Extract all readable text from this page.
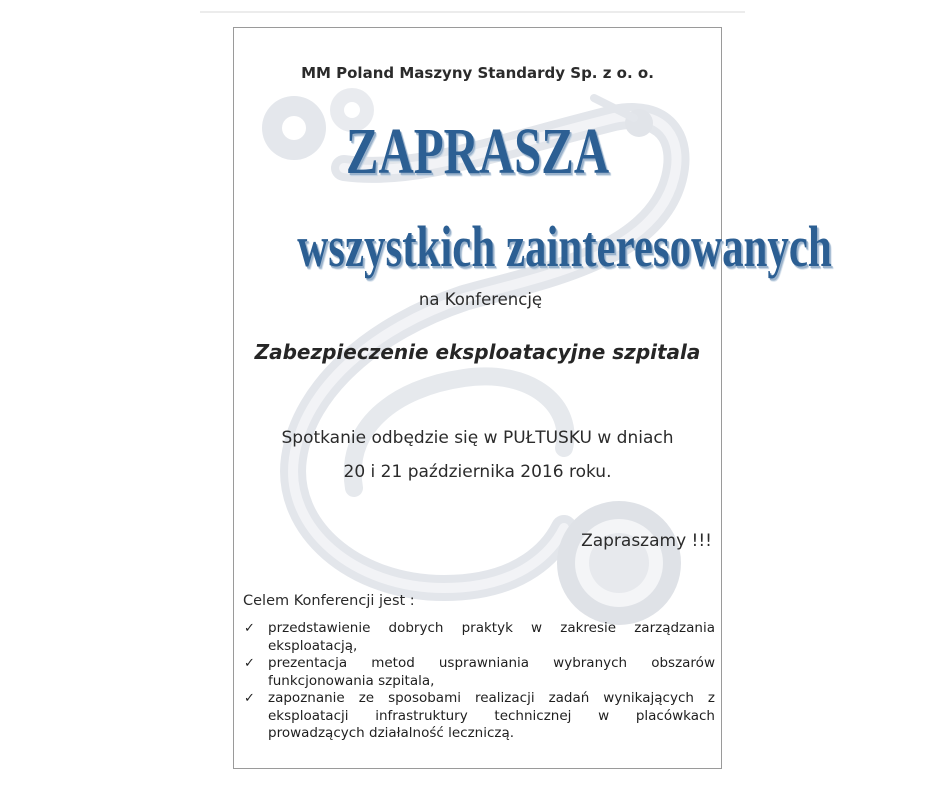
MM Poland Maszyny Standardy Sp. z o. o.
ZAPRASZA
wszystkich zainteresowanych
na Konferencję
Zabezpieczenie eksploatacyjne szpitala
Spotkanie odbędzie się w PUŁTUSKU w dniach
20 i 21 października 2016 roku.
Zapraszamy !!!
Celem Konferencji jest :
✓ przedstawienie dobrych praktyk w zakresie zarządzania eksploatacją,
✓ prezentacja metod usprawniania wybranych obszarów funkcjonowania szpitala,
✓ zapoznanie ze sposobami realizacji zadań wynikających z eksploatacji infrastruktury technicznej w placówkach prowadzących działalność leczniczą.
